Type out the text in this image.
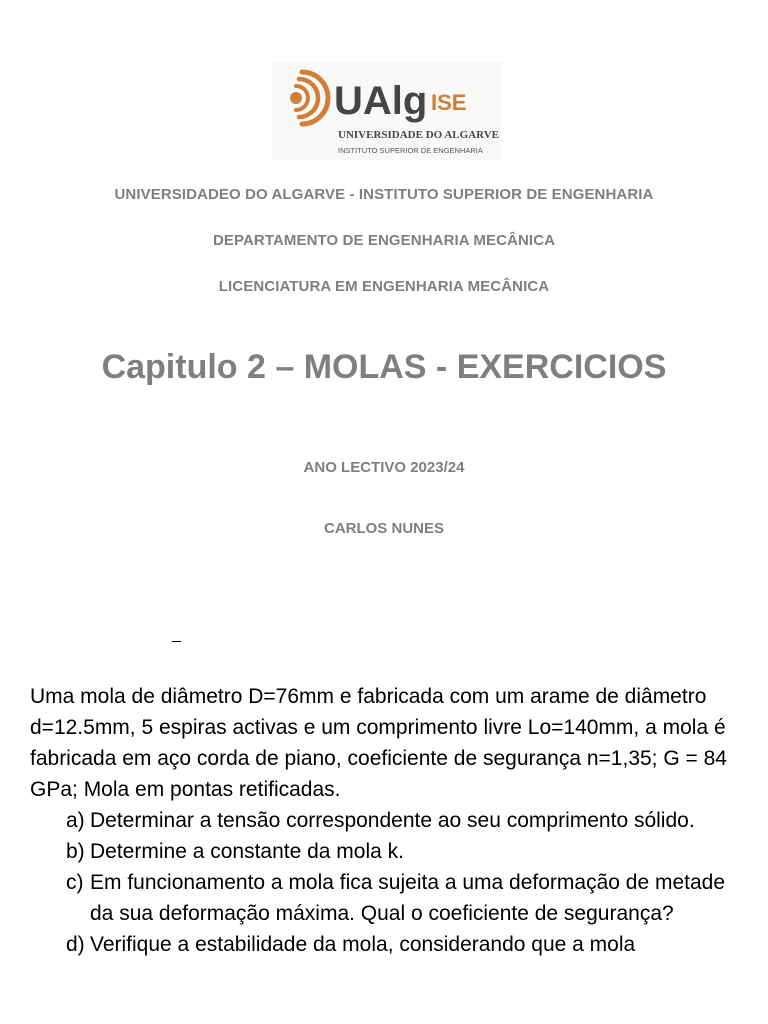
UAlg ISE
UNIVERSIDADE DO ALGARVE
INSTITUTO SUPERIOR DE ENGENHARIA
UNIVERSIDADEO DO ALGARVE - INSTITUTO SUPERIOR DE ENGENHARIA
DEPARTAMENTO DE ENGENHARIA MECÂNICA
LICENCIATURA EM ENGENHARIA MECÂNICA
Capitulo 2 – MOLAS - EXERCICIOS
ANO LECTIVO 2023/24
CARLOS NUNES
_

Uma mola de diâmetro D=76mm e fabricada com um arame de diâmetro d=12.5mm, 5 espiras activas e um comprimento livre Lo=140mm, a mola é fabricada em aço corda de piano, coeficiente de segurança n=1,35; G = 84 GPa; Mola em pontas retificadas.

a) Determinar a tensão correspondente ao seu comprimento sólido.
b) Determine a constante da mola k.
c) Em funcionamento a mola fica sujeita a uma deformação de metade da sua deformação máxima. Qual o coeficiente de segurança?
d) Verifique a estabilidade da mola, considerando que a mola
